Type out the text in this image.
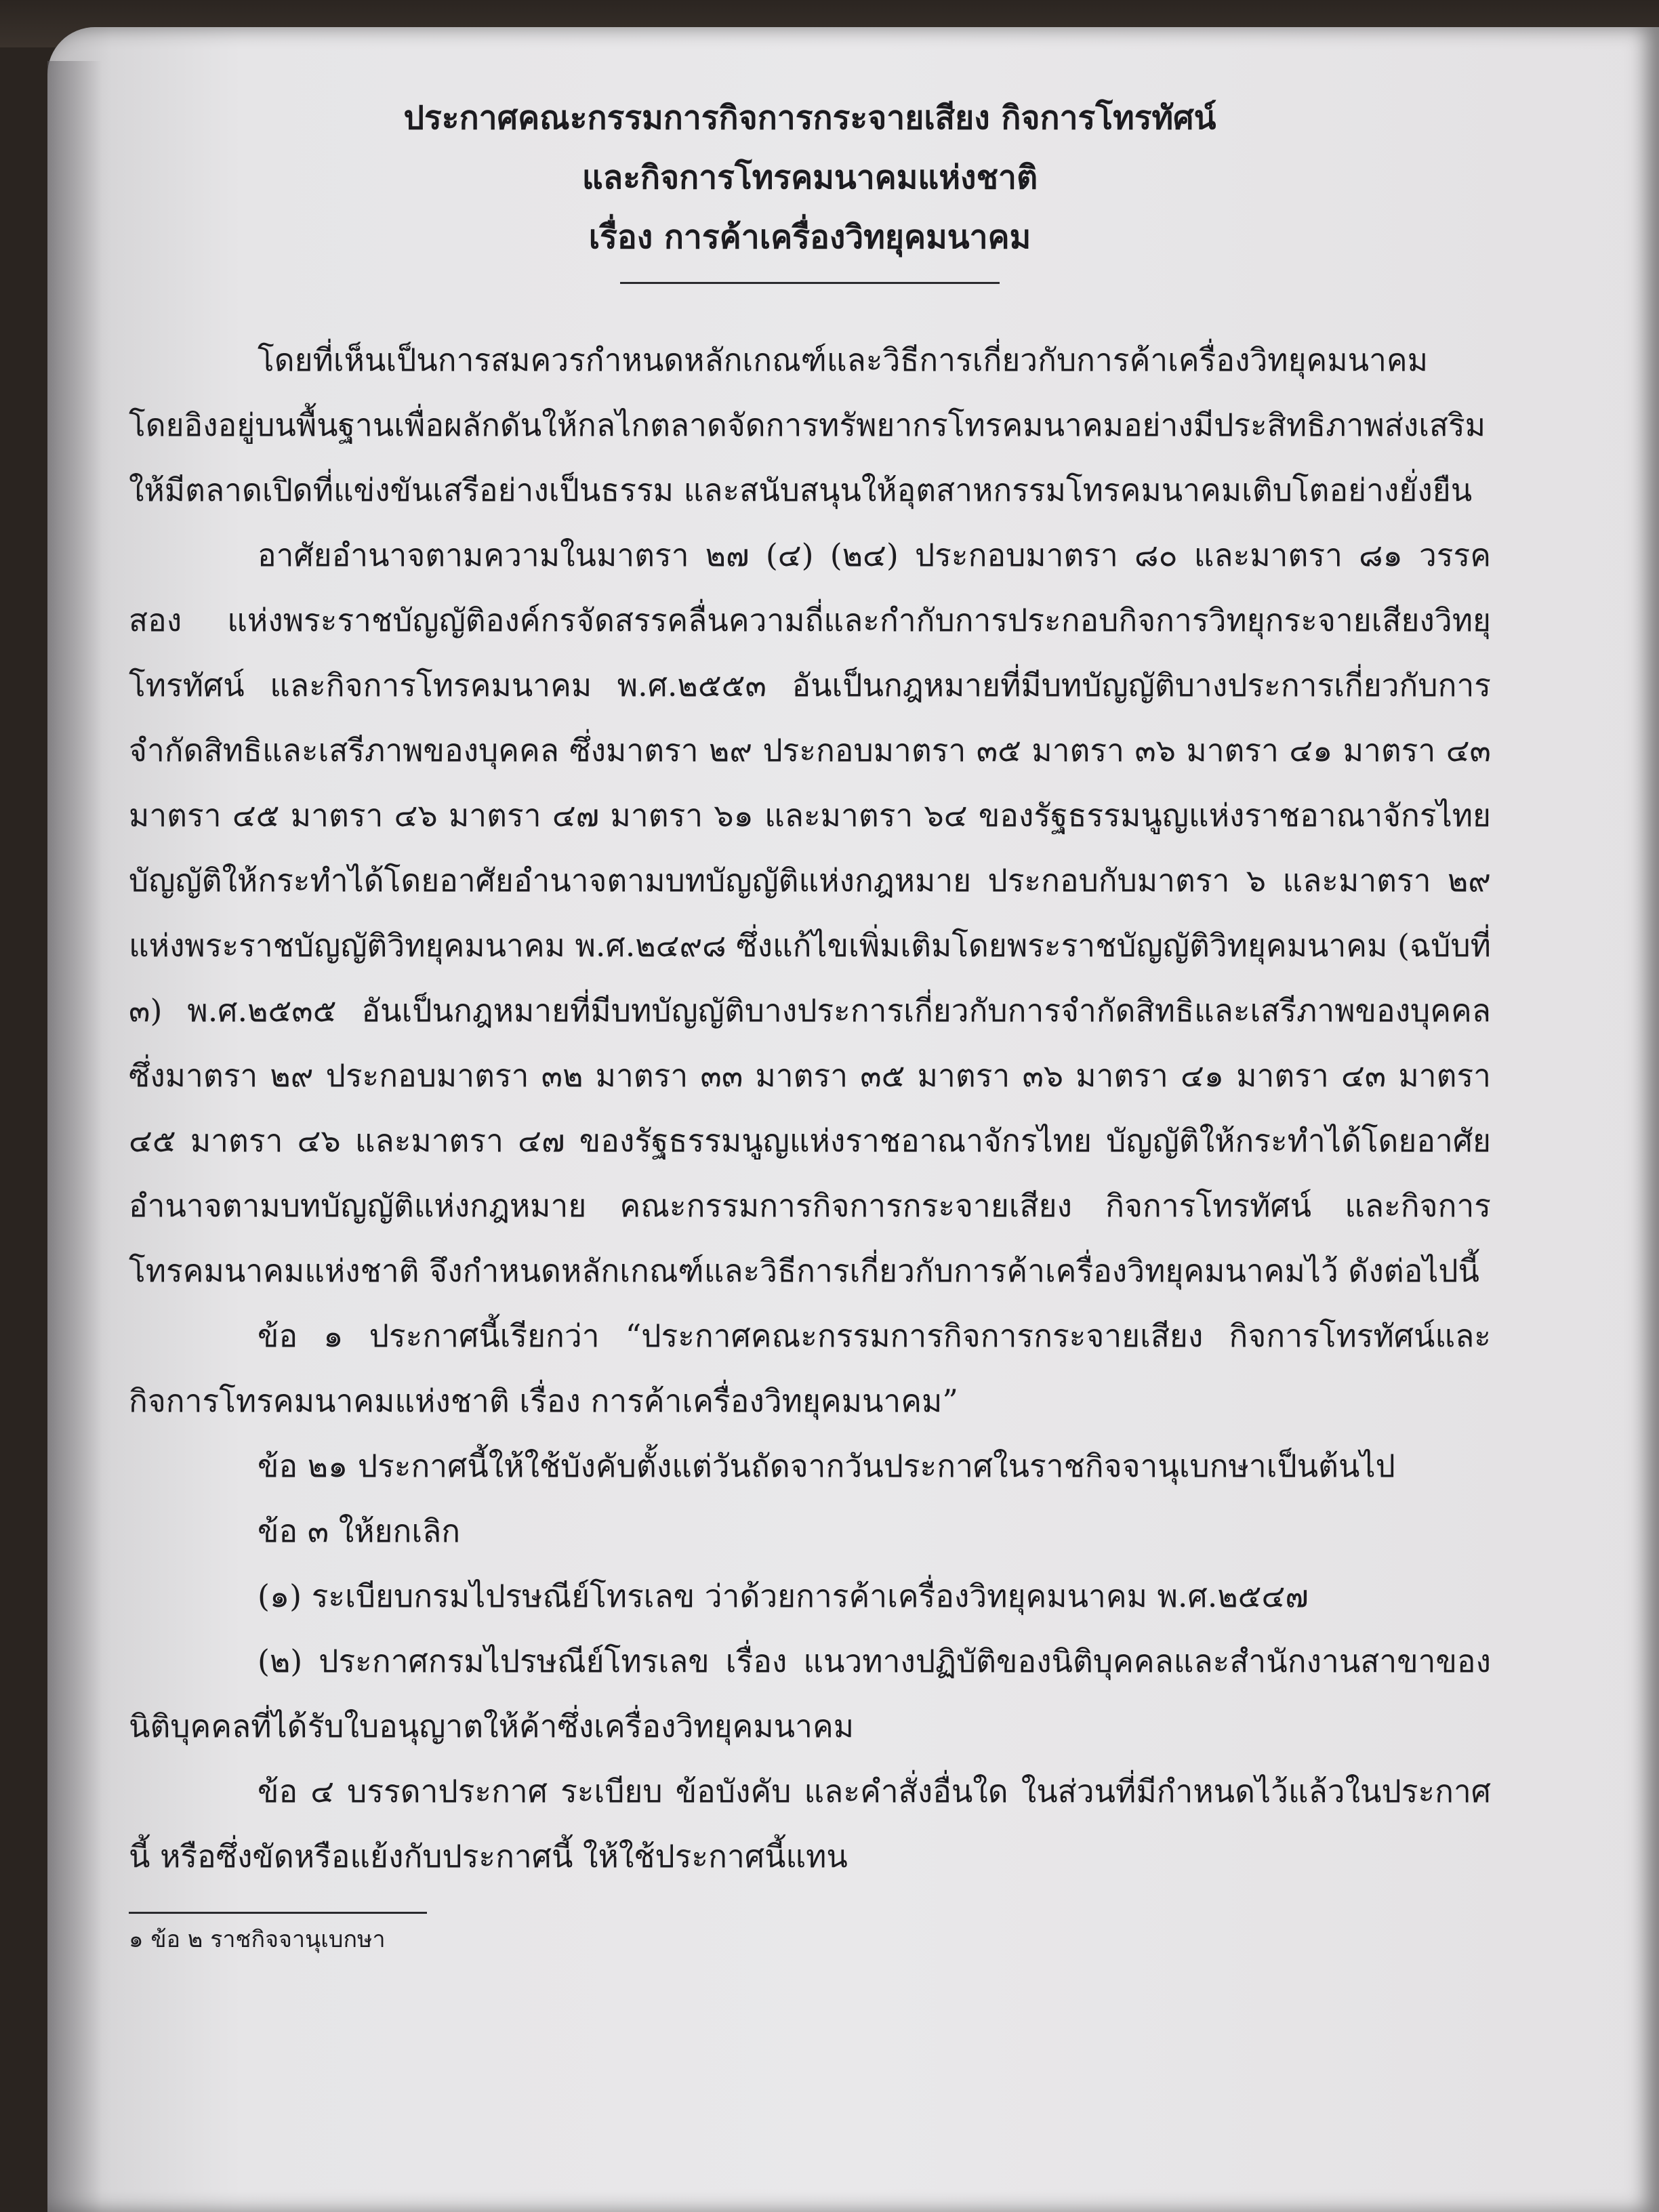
ประกาศคณะกรรมการกิจการกระจายเสียง กิจการโทรทัศน์
และกิจการโทรคมนาคมแห่งชาติ
เรื่อง การค้าเครื่องวิทยุคมนาคม

โดยที่เห็นเป็นการสมควรกำหนดหลักเกณฑ์และวิธีการเกี่ยวกับการค้าเครื่องวิทยุคมนาคม โดยอิงอยู่บนพื้นฐานเพื่อผลักดันให้กลไกตลาดจัดการทรัพยากรโทรคมนาคมอย่างมีประสิทธิภาพส่งเสริมให้มีตลาดเปิดที่แข่งขันเสรีอย่างเป็นธรรม และสนับสนุนให้อุตสาหกรรมโทรคมนาคมเติบโตอย่างยั่งยืน

อาศัยอำนาจตามความในมาตรา ๒๗ (๔) (๒๔) ประกอบมาตรา ๘๐ และมาตรา ๘๑ วรรคสอง แห่งพระราชบัญญัติองค์กรจัดสรรคลื่นความถี่และกำกับการประกอบกิจการวิทยุกระจายเสียงวิทยุโทรทัศน์ และกิจการโทรคมนาคม พ.ศ.๒๕๕๓ อันเป็นกฎหมายที่มีบทบัญญัติบางประการเกี่ยวกับการจำกัดสิทธิและเสรีภาพของบุคคล ซึ่งมาตรา ๒๙ ประกอบมาตรา ๓๕ มาตรา ๓๖ มาตรา ๔๑ มาตรา ๔๓ มาตรา ๔๕ มาตรา ๔๖ มาตรา ๔๗ มาตรา ๖๑ และมาตรา ๖๔ ของรัฐธรรมนูญแห่งราชอาณาจักรไทย บัญญัติให้กระทำได้โดยอาศัยอำนาจตามบทบัญญัติแห่งกฎหมาย ประกอบกับมาตรา ๖ และมาตรา ๒๙ แห่งพระราชบัญญัติวิทยุคมนาคม พ.ศ.๒๔๙๘ ซึ่งแก้ไขเพิ่มเติมโดยพระราชบัญญัติวิทยุคมนาคม (ฉบับที่ ๓) พ.ศ.๒๕๓๕ อันเป็นกฎหมายที่มีบทบัญญัติบางประการเกี่ยวกับการจำกัดสิทธิและเสรีภาพของบุคคล ซึ่งมาตรา ๒๙ ประกอบมาตรา ๓๒ มาตรา ๓๓ มาตรา ๓๕ มาตรา ๓๖ มาตรา ๔๑ มาตรา ๔๓ มาตรา ๔๕ มาตรา ๔๖ และมาตรา ๔๗ ของรัฐธรรมนูญแห่งราชอาณาจักรไทย บัญญัติให้กระทำได้โดยอาศัยอำนาจตามบทบัญญัติแห่งกฎหมาย คณะกรรมการกิจการกระจายเสียง กิจการโทรทัศน์ และกิจการโทรคมนาคมแห่งชาติ จึงกำหนดหลักเกณฑ์และวิธีการเกี่ยวกับการค้าเครื่องวิทยุคมนาคมไว้ ดังต่อไปนี้

ข้อ ๑ ประกาศนี้เรียกว่า “ประกาศคณะกรรมการกิจการกระจายเสียง กิจการโทรทัศน์และกิจการโทรคมนาคมแห่งชาติ เรื่อง การค้าเครื่องวิทยุคมนาคม”

ข้อ ๒๑ ประกาศนี้ให้ใช้บังคับตั้งแต่วันถัดจากวันประกาศในราชกิจจานุเบกษาเป็นต้นไป

ข้อ ๓ ให้ยกเลิก

(๑) ระเบียบกรมไปรษณีย์โทรเลข ว่าด้วยการค้าเครื่องวิทยุคมนาคม พ.ศ.๒๕๔๗

(๒) ประกาศกรมไปรษณีย์โทรเลข เรื่อง แนวทางปฏิบัติของนิติบุคคลและสำนักงานสาขาของนิติบุคคลที่ได้รับใบอนุญาตให้ค้าซึ่งเครื่องวิทยุคมนาคม

ข้อ ๔ บรรดาประกาศ ระเบียบ ข้อบังคับ และคำสั่งอื่นใด ในส่วนที่มีกำหนดไว้แล้วในประกาศนี้ หรือซึ่งขัดหรือแย้งกับประกาศนี้ ให้ใช้ประกาศนี้แทน

๑ ข้อ ๒ ราชกิจจานุเบกษา
